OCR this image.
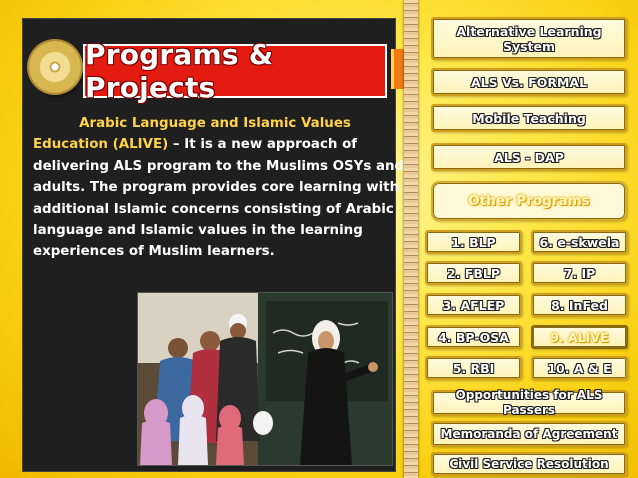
Programs & Projects
Arabic Language and Islamic Values
Education (ALIVE) – It is a new approach of
delivering ALS program to the Muslims OSYs and
adults. The program provides core learning with
additional Islamic concerns consisting of Arabic
language and Islamic values in the learning
experiences of Muslim learners.
Alternative Learning System
ALS Vs. FORMAL
Mobile Teaching
ALS - DAP
Other Programs
1. BLP	6. e-skwela
2. FBLP	7. IP
3. AFLEP	8. InFed
4. BP-OSA	9. ALIVE
5. RBI	10. A & E
Opportunities for ALS Passers
Memoranda of Agreement
Civil Service Resolution
